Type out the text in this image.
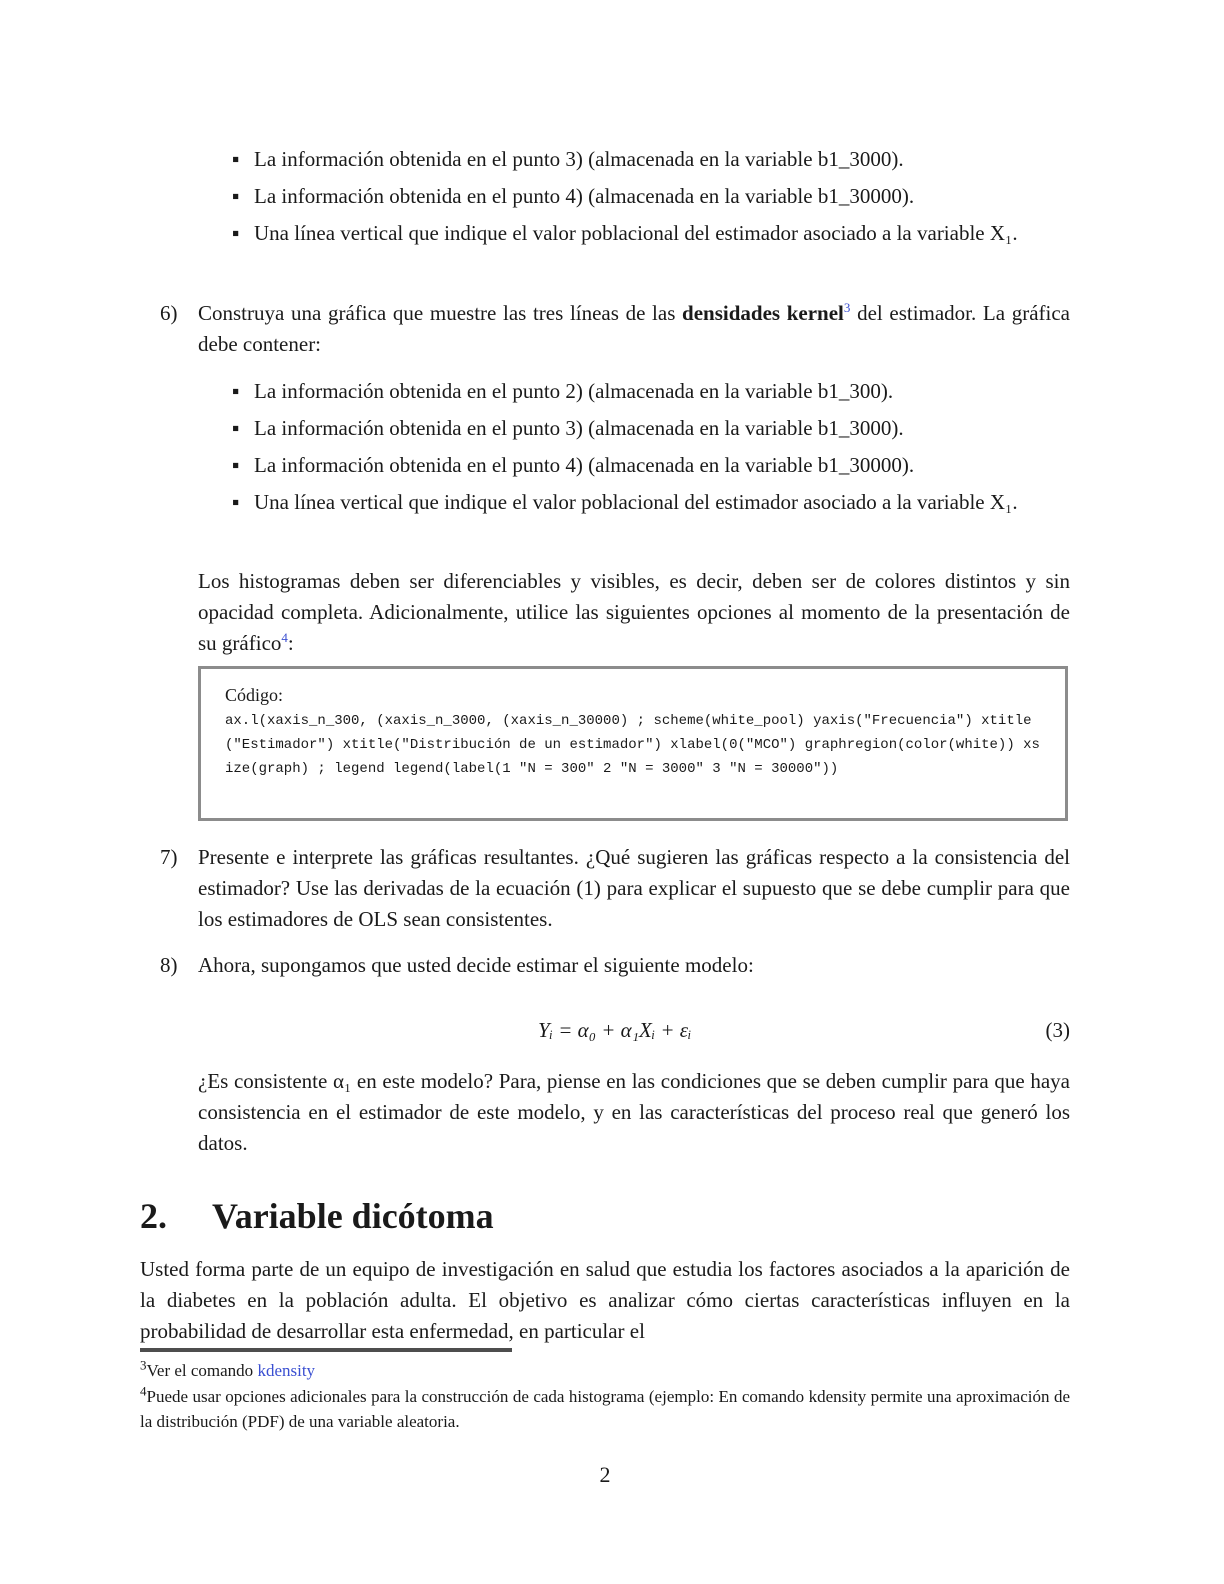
▪ La información obtenida en el punto 3) (almacenada en la variable b1_3000).
▪ La información obtenida en el punto 4) (almacenada en la variable b1_30000).
▪ Una línea vertical que indique el valor poblacional del estimador asociado a la variable X₁.
6) Construya una gráfica que muestre las tres líneas de las densidades kernel$^3$ del estimador. La gráfica debe contener:
▪ La información obtenida en el punto 2) (almacenada en la variable b1_300).
▪ La información obtenida en el punto 3) (almacenada en la variable b1_3000).
▪ La información obtenida en el punto 4) (almacenada en la variable b1_30000).
▪ Una línea vertical que indique el valor poblacional del estimador asociado a la variable X₁.
Los histogramas deben ser diferenciables y visibles, es decir, deben ser de colores distintos y sin opacidad completa. Adicionalmente, utilice las siguientes opciones al momento de la presentación de su gráfico$^4$:
Código:
ax.l(xaxis_n_300, (xaxis_n_3000, (xaxis_n_30000) ; scheme(white_pool) yaxis("Frecuencia") xtitle("Estimador") xtitle("Distribución de un estimador") xlabel(0("MCO") graphregion(color(white)) xsize(graph) ; legend legend(label(1 "N = 300" 2 "N = 3000" 3 "N = 30000"))
7) Presente e interprete las gráficas resultantes. ¿Qué sugieren las gráficas respecto a la consistencia del estimador? Use las derivadas de la ecuación (1) para explicar el supuesto que se debe cumplir para que los estimadores de OLS sean consistentes.
8) Ahora, supongamos que usted decide estimar el siguiente modelo:
Yᵢ = α₀ + α₁Xᵢ + εᵢ	(3)
¿Es consistente α₁ en este modelo? Para, piense en las condiciones que se deben cumplir para que haya consistencia en el estimador de este modelo, y en las características del proceso real que generó los datos.
2. Variable dicótoma
Usted forma parte de un equipo de investigación en salud que estudia los factores asociados a la aparición de la diabetes en la población adulta. El objetivo es analizar cómo ciertas características influyen en la probabilidad de desarrollar esta enfermedad, en particular el
$^3$Ver el comando kdensity
$^4$Puede usar opciones adicionales para la construcción de cada histograma (ejemplo: En comando kdensity permite una aproximación de la distribución (PDF) de una variable aleatoria.
2
